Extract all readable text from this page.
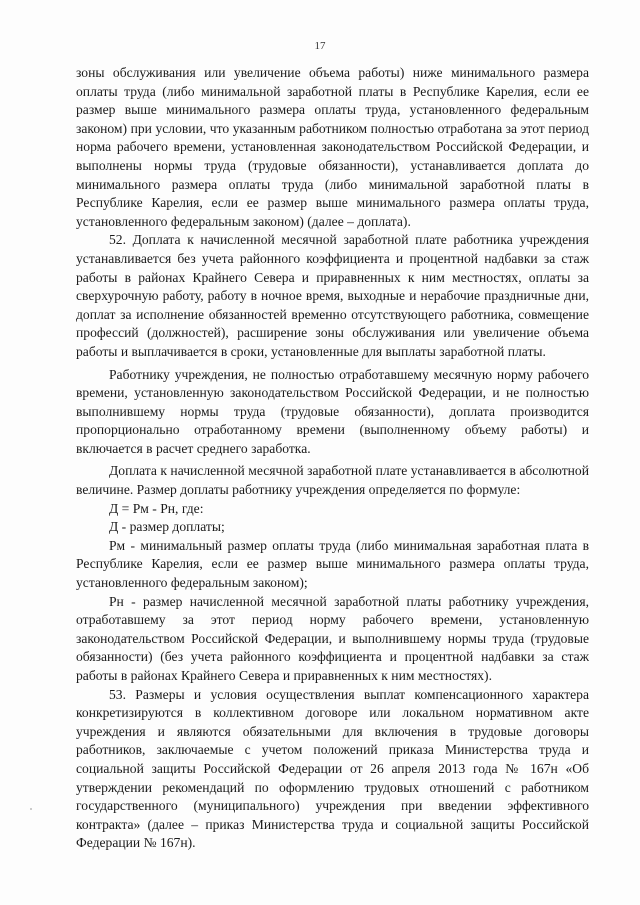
17

зоны обслуживания или увеличение объема работы) ниже минимального размера оплаты труда (либо минимальной заработной платы в Республике Карелия, если ее размер выше минимального размера оплаты труда, установленного федеральным законом) при условии, что указанным работником полностью отработана за этот период норма рабочего времени, установленная законодательством Российской Федерации, и выполнены нормы труда (трудовые обязанности), устанавливается доплата до минимального размера оплаты труда (либо минимальной заработной платы в Республике Карелия, если ее размер выше минимального размера оплаты труда, установленного федеральным законом) (далее – доплата).

52. Доплата к начисленной месячной заработной плате работника учреждения устанавливается без учета районного коэффициента и процентной надбавки за стаж работы в районах Крайнего Севера и приравненных к ним местностях, оплаты за сверхурочную работу, работу в ночное время, выходные и нерабочие праздничные дни, доплат за исполнение обязанностей временно отсутствующего работника, совмещение профессий (должностей), расширение зоны обслуживания или увеличение объема работы и выплачивается в сроки, установленные для выплаты заработной платы.

Работнику учреждения, не полностью отработавшему месячную норму рабочего времени, установленную законодательством Российской Федерации, и не полностью выполнившему нормы труда (трудовые обязанности), доплата производится пропорционально отработанному времени (выполненному объему работы) и включается в расчет среднего заработка.

Доплата к начисленной месячной заработной плате устанавливается в абсолютной величине. Размер доплаты работнику учреждения определяется по формуле:

Д = Рм - Рн, где:

Д - размер доплаты;

Рм - минимальный размер оплаты труда (либо минимальная заработная плата в Республике Карелия, если ее размер выше минимального размера оплаты труда, установленного федеральным законом);

Рн - размер начисленной месячной заработной платы работнику учреждения, отработавшему за этот период норму рабочего времени, установленную законодательством Российской Федерации, и выполнившему нормы труда (трудовые обязанности) (без учета районного коэффициента и процентной надбавки за стаж работы в районах Крайнего Севера и приравненных к ним местностях).

53. Размеры и условия осуществления выплат компенсационного характера конкретизируются в коллективном договоре или локальном нормативном акте учреждения и являются обязательными для включения в трудовые договоры работников, заключаемые с учетом положений приказа Министерства труда и социальной защиты Российской Федерации от 26 апреля 2013 года № 167н «Об утверждении рекомендаций по оформлению трудовых отношений с работником государственного (муниципального) учреждения при введении эффективного контракта» (далее – приказ Министерства труда и социальной защиты Российской Федерации № 167н).
